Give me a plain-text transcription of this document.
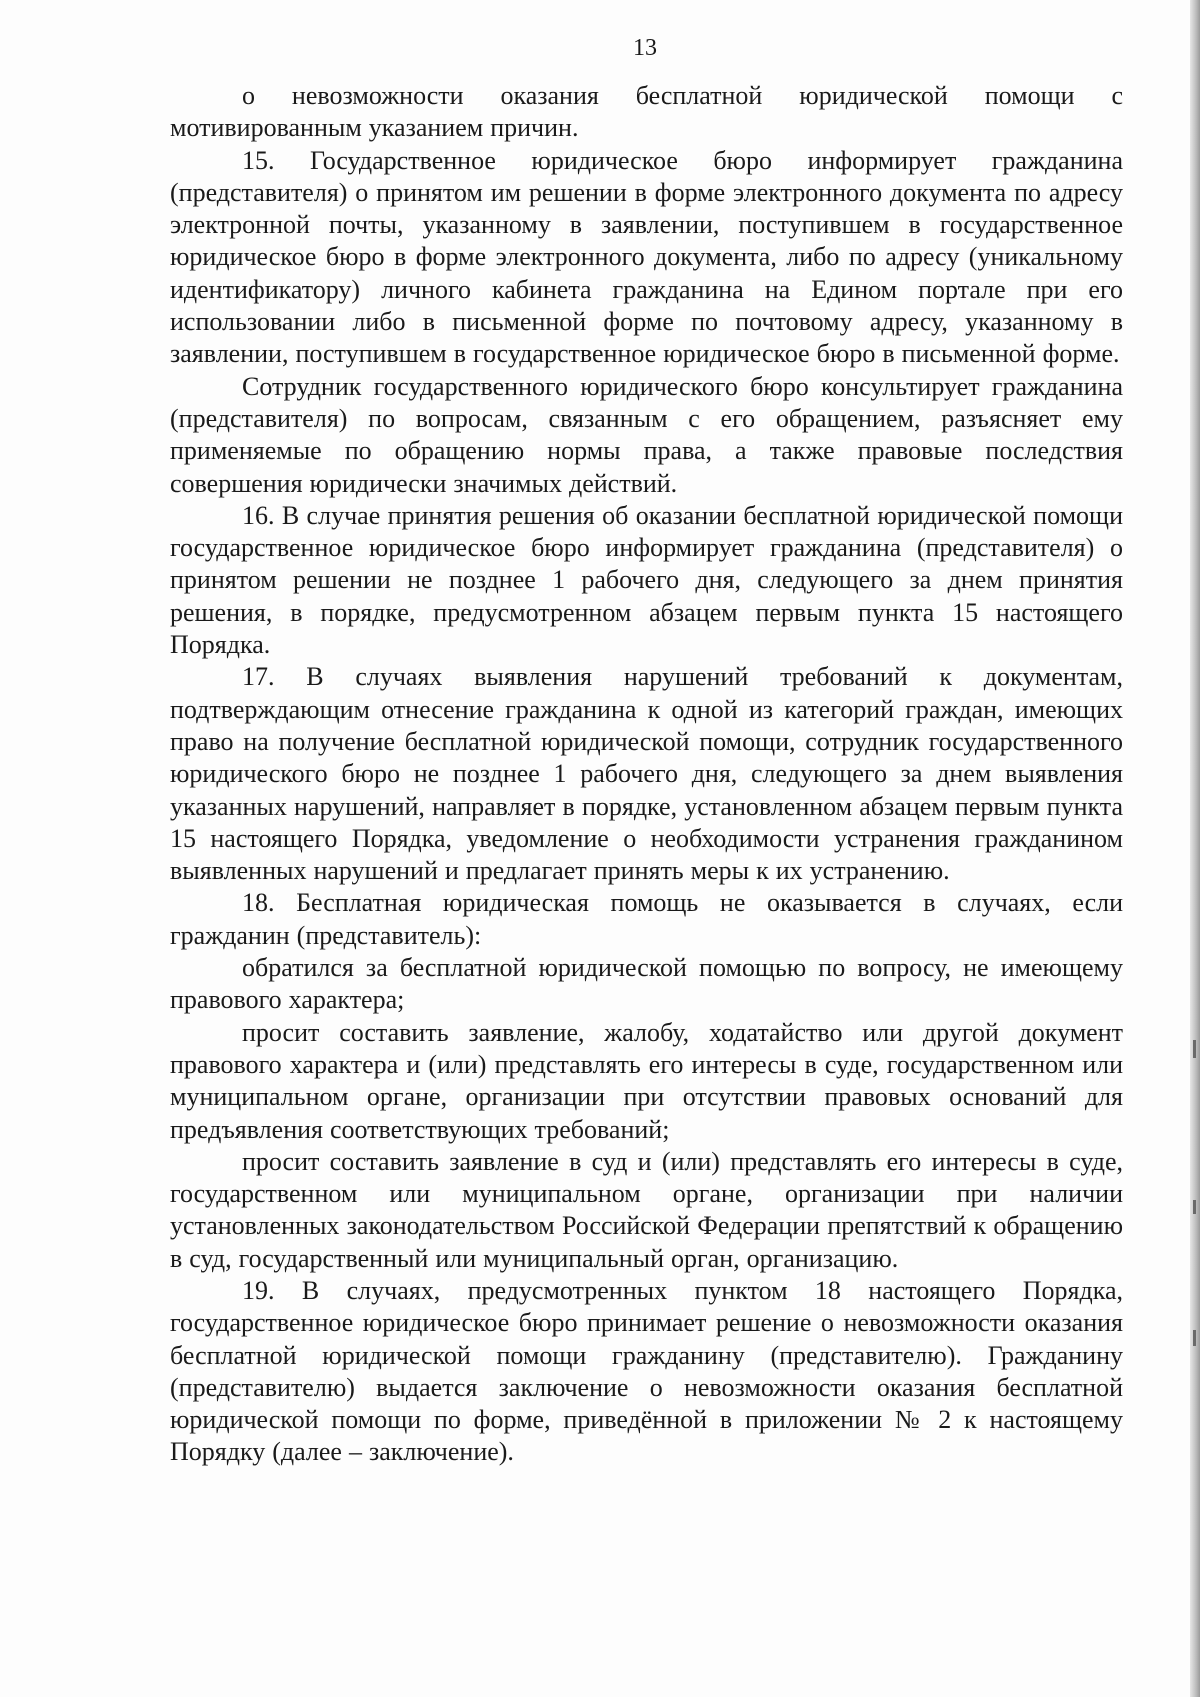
13

о невозможности оказания бесплатной юридической помощи с мотивированным указанием причин.

15. Государственное юридическое бюро информирует гражданина (представителя) о принятом им решении в форме электронного документа по адресу электронной почты, указанному в заявлении, поступившем в государственное юридическое бюро в форме электронного документа, либо по адресу (уникальному идентификатору) личного кабинета гражданина на Едином портале при его использовании либо в письменной форме по почтовому адресу, указанному в заявлении, поступившем в государственное юридическое бюро в письменной форме.

Сотрудник государственного юридического бюро консультирует гражданина (представителя) по вопросам, связанным с его обращением, разъясняет ему применяемые по обращению нормы права, а также правовые последствия совершения юридически значимых действий.

16. В случае принятия решения об оказании бесплатной юридической помощи государственное юридическое бюро информирует гражданина (представителя) о принятом решении не позднее 1 рабочего дня, следующего за днем принятия решения, в порядке, предусмотренном абзацем первым пункта 15 настоящего Порядка.

17. В случаях выявления нарушений требований к документам, подтверждающим отнесение гражданина к одной из категорий граждан, имеющих право на получение бесплатной юридической помощи, сотрудник государственного юридического бюро не позднее 1 рабочего дня, следующего за днем выявления указанных нарушений, направляет в порядке, установленном абзацем первым пункта 15 настоящего Порядка, уведомление о необходимости устранения гражданином выявленных нарушений и предлагает принять меры к их устранению.

18. Бесплатная юридическая помощь не оказывается в случаях, если гражданин (представитель):

обратился за бесплатной юридической помощью по вопросу, не имеющему правового характера;

просит составить заявление, жалобу, ходатайство или другой документ правового характера и (или) представлять его интересы в суде, государственном или муниципальном органе, организации при отсутствии правовых оснований для предъявления соответствующих требований;

просит составить заявление в суд и (или) представлять его интересы в суде, государственном или муниципальном органе, организации при наличии установленных законодательством Российской Федерации препятствий к обращению в суд, государственный или муниципальный орган, организацию.

19. В случаях, предусмотренных пунктом 18 настоящего Порядка, государственное юридическое бюро принимает решение о невозможности оказания бесплатной юридической помощи гражданину (представителю). Гражданину (представителю) выдается заключение о невозможности оказания бесплатной юридической помощи по форме, приведённой в приложении № 2 к настоящему Порядку (далее – заключение).
